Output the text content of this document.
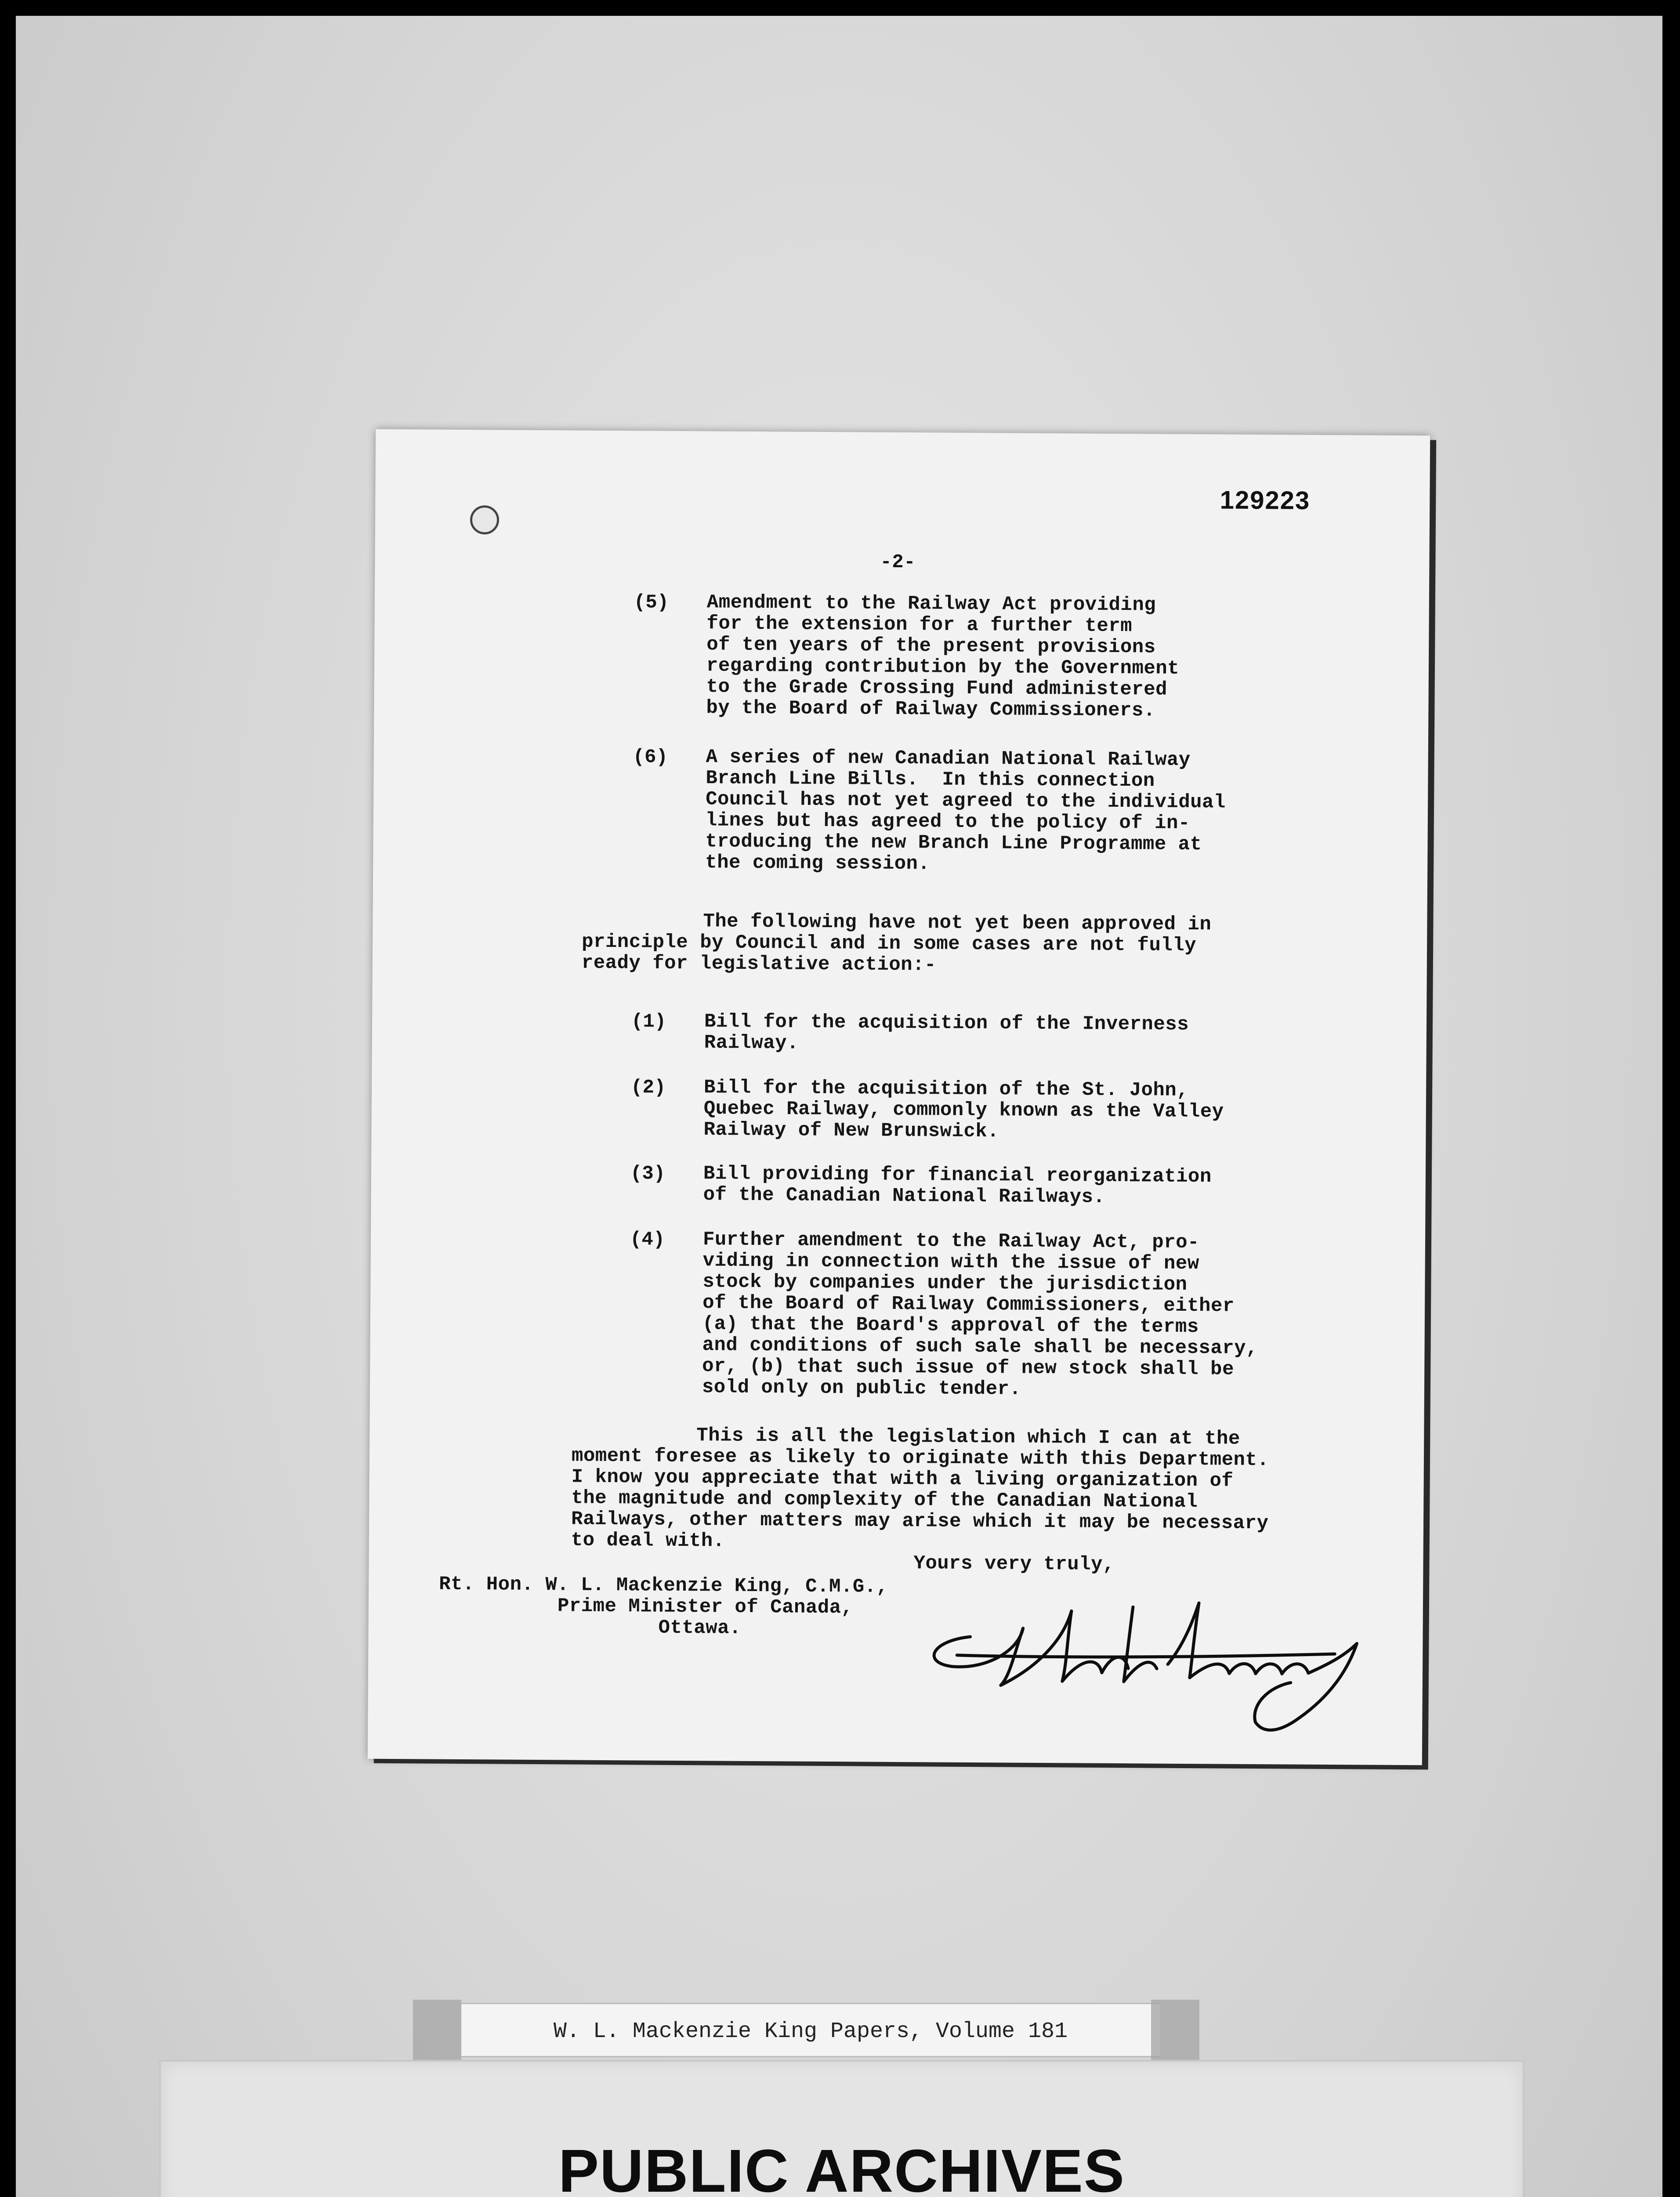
129223
-2-
(5) Amendment to the Railway Act providing
for the extension for a further term
of ten years of the present provisions
regarding contribution by the Government
to the Grade Crossing Fund administered
by the Board of Railway Commissioners.
(6) A series of new Canadian National Railway
Branch Line Bills.  In this connection
Council has not yet agreed to the individual
lines but has agreed to the policy of in-
troducing the new Branch Line Programme at
the coming session.
The following have not yet been approved in
principle by Council and in some cases are not fully
ready for legislative action:-
(1) Bill for the acquisition of the Inverness
Railway.
(2) Bill for the acquisition of the St. John,
Quebec Railway, commonly known as the Valley
Railway of New Brunswick.
(3) Bill providing for financial reorganization
of the Canadian National Railways.
(4) Further amendment to the Railway Act, pro-
viding in connection with the issue of new
stock by companies under the jurisdiction
of the Board of Railway Commissioners, either
(a) that the Board's approval of the terms
and conditions of such sale shall be necessary,
or, (b) that such issue of new stock shall be
sold only on public tender.
This is all the legislation which I can at the
moment foresee as likely to originate with this Department.
I know you appreciate that with a living organization of
the magnitude and complexity of the Canadian National
Railways, other matters may arise which it may be necessary
to deal with.
Yours very truly,
Rt. Hon. W. L. Mackenzie King, C.M.G.,
Prime Minister of Canada,
Ottawa.
W. L. Mackenzie King Papers, Volume 181
PUBLIC ARCHIVES
